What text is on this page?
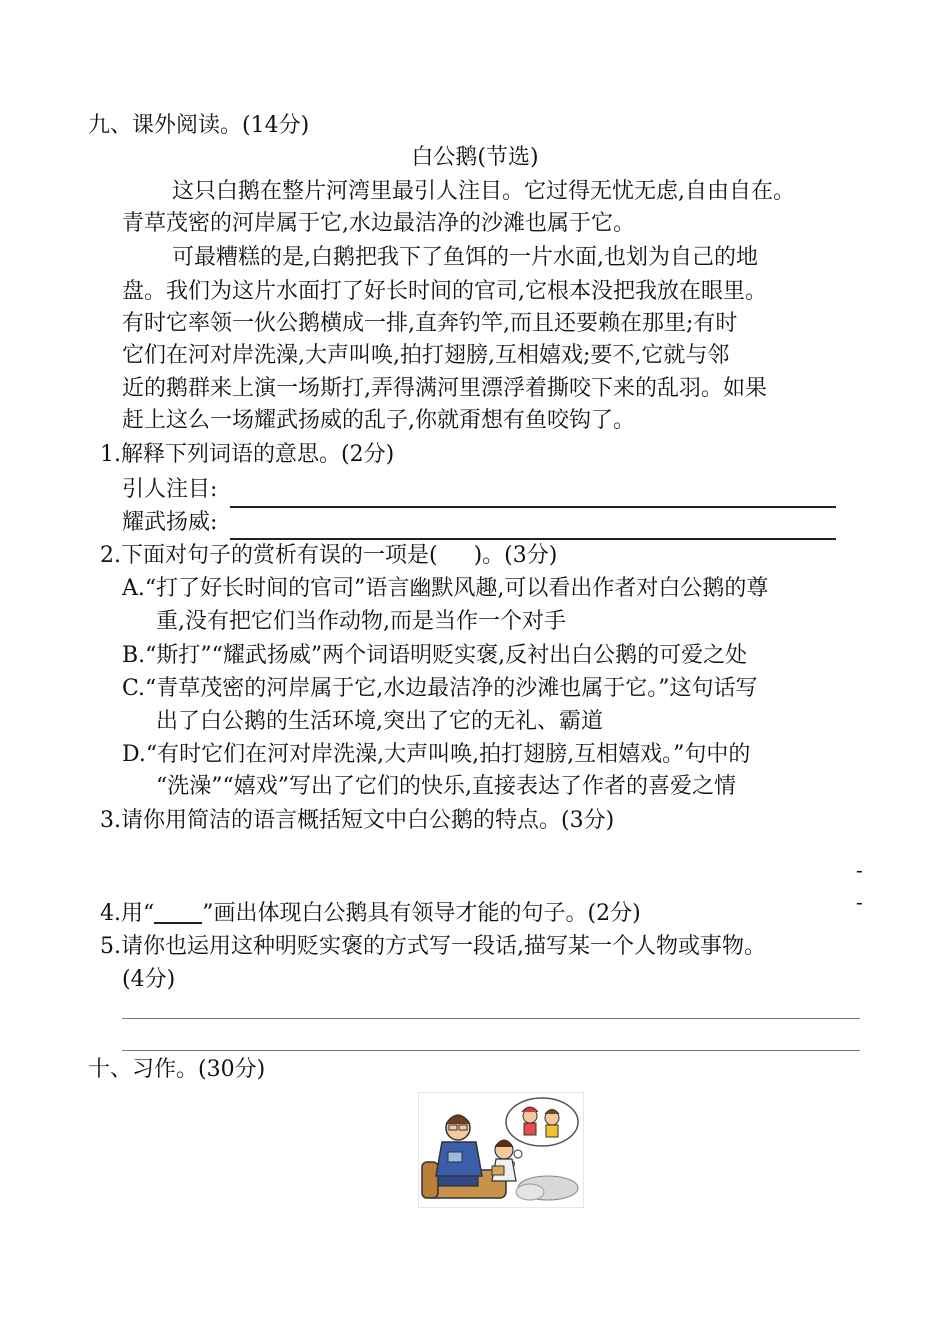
九、课外阅读。(14分)
白公鹅(节选)
这只白鹅在整片河湾里最引人注目。它过得无忧无虑,自由自在。
青草茂密的河岸属于它,水边最洁净的沙滩也属于它。
可最糟糕的是,白鹅把我下了鱼饵的一片水面,也划为自己的地
盘。我们为这片水面打了好长时间的官司,它根本没把我放在眼里。
有时它率领一伙公鹅横成一排,直奔钓竿,而且还要赖在那里;有时
它们在河对岸洗澡,大声叫唤,拍打翅膀,互相嬉戏;要不,它就与邻
近的鹅群来上演一场斯打,弄得满河里漂浮着撕咬下来的乱羽。如果
赶上这么一场耀武扬威的乱子,你就甭想有鱼咬钩了。
1.解释下列词语的意思。(2分)
引人注目:
耀武扬威:
2.下面对句子的赏析有误的一项是( )。(3分)
A.“打了好长时间的官司”语言幽默风趣,可以看出作者对白公鹅的尊
重,没有把它们当作动物,而是当作一个对手
B.“斯打”“耀武扬威”两个词语明贬实褒,反衬出白公鹅的可爱之处
C.“青草茂密的河岸属于它,水边最洁净的沙滩也属于它。”这句话写
出了白公鹅的生活环境,突出了它的无礼、霸道
D.“有时它们在河对岸洗澡,大声叫唤,拍打翅膀,互相嬉戏。”句中的
“洗澡”“嬉戏”写出了它们的快乐,直接表达了作者的喜爱之情
3.请你用简洁的语言概括短文中白公鹅的特点。(3分)
-
-
4.用“ ”画出体现白公鹅具有领导才能的句子。(2分)
5.请你也运用这种明贬实褒的方式写一段话,描写某一个人物或事物。
(4分)
十、习作。(30分)
